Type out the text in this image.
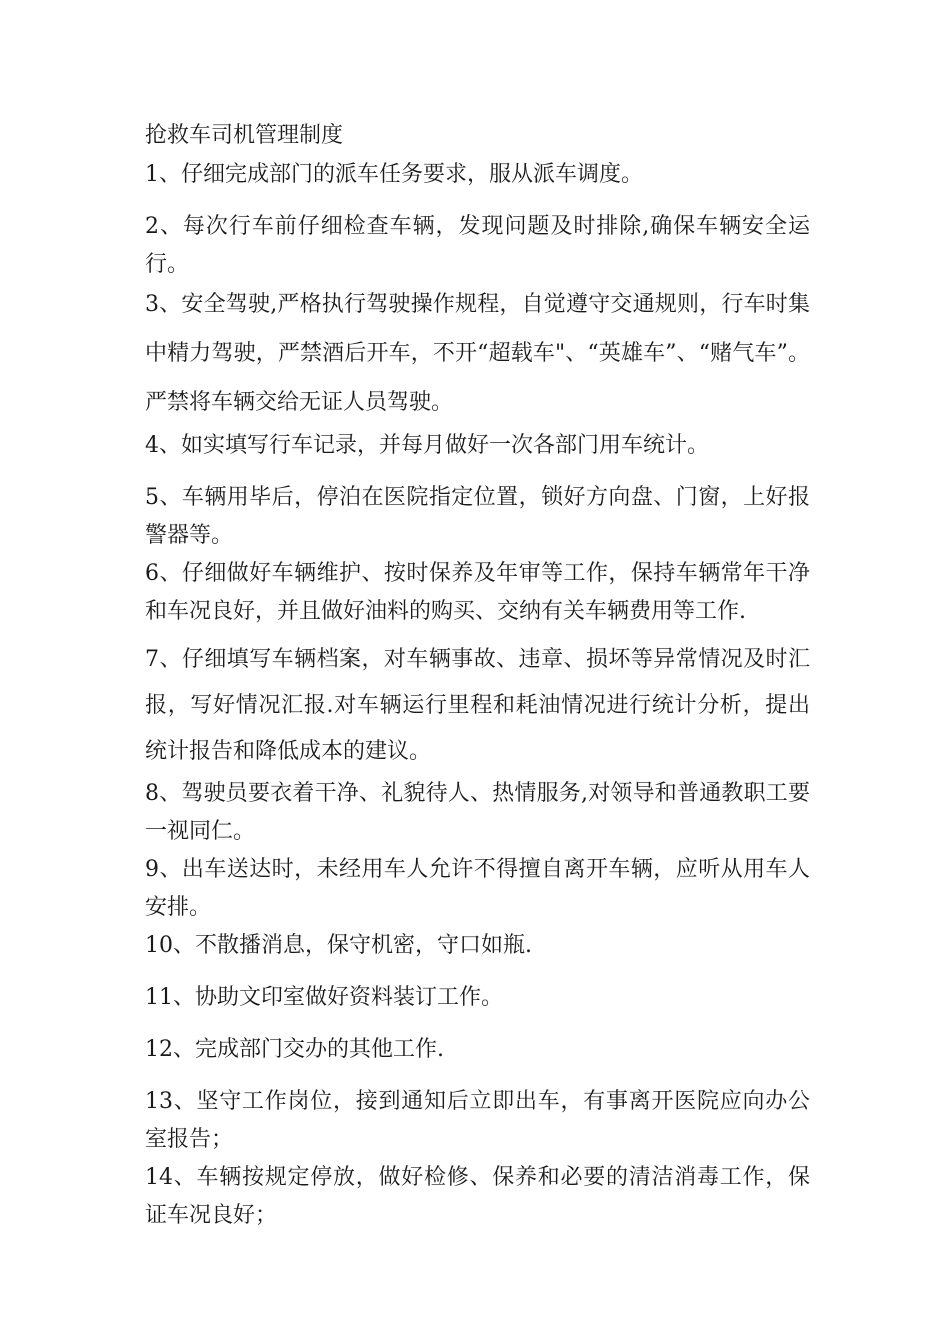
抢救车司机管理制度

1、仔细完成部门的派车任务要求，服从派车调度。

2、每次行车前仔细检查车辆，发现问题及时排除,确保车辆安全运行。

3、安全驾驶,严格执行驾驶操作规程，自觉遵守交通规则，行车时集中精力驾驶，严禁酒后开车，不开“超载车"、“英雄车”、“赌气车”。严禁将车辆交给无证人员驾驶。

4、如实填写行车记录，并每月做好一次各部门用车统计。

5、车辆用毕后，停泊在医院指定位置，锁好方向盘、门窗，上好报警器等。

6、仔细做好车辆维护、按时保养及年审等工作，保持车辆常年干净和车况良好，并且做好油料的购买、交纳有关车辆费用等工作.

7、仔细填写车辆档案，对车辆事故、违章、损坏等异常情况及时汇报，写好情况汇报.对车辆运行里程和耗油情况进行统计分析，提出统计报告和降低成本的建议。

8、驾驶员要衣着干净、礼貌待人、热情服务,对领导和普通教职工要一视同仁。

9、出车送达时，未经用车人允许不得擅自离开车辆，应听从用车人安排。

10、不散播消息，保守机密，守口如瓶.

11、协助文印室做好资料装订工作。

12、完成部门交办的其他工作.

13、坚守工作岗位，接到通知后立即出车，有事离开医院应向办公室报告；

14、车辆按规定停放，做好检修、保养和必要的清洁消毒工作，保证车况良好；
